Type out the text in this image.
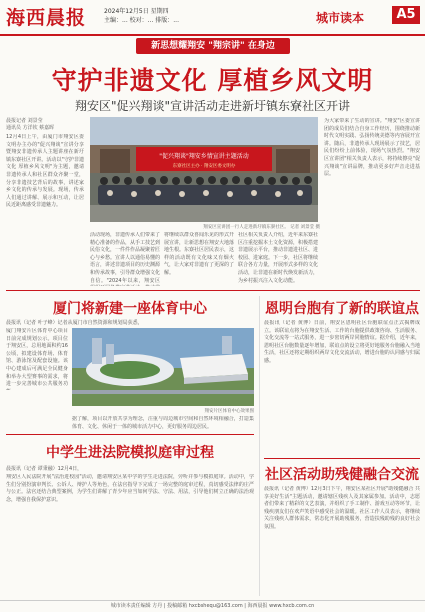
海西晨报	2024年12月5日 星期四
主编：... 校对：... 排版：...	城市读本	A5
新思想耀翔安 "翔宗讲" 在身边
守护非遗文化 厚植乡风文明
翔安区"促兴翔谈"宣讲活动走进新圩镇东寮社区开讲
晨报记者 刘景莹
通讯员 方洋钦 蔡嘉晖
12月4日上午，由厦门市翔安区委文明办主办的"促兴翔谈"宣讲分享暨翔安非遗传承人主题讲座在新圩镇东寮社区开讲。活动以"守护非遗文化 厚植乡风文明"为主题，邀请非遗传承人和社区群众齐聚一堂，分享非遗技艺背后的故事，讲述家乡文化的传承与发展。现场，传承人们通过讲解、展示和互动，让居民近距离感受非遗魅力。
"促兴翔谈"翔安乡情宣讲主题活动
东寮社区主办 · 翔安区委文明办
翔安区宣讲团一行人走进新圩镇东寮社区。 记者 刘景莹 摄
活动现场，非遗传承人们带来了精心准备的作品，从手工技艺到民俗文化，一件件作品凝聚着匠心与乡愁。宣讲人以通俗易懂的语言，讲述非遗项目的历史渊源和传承故事，引导群众增强文化自信。"2024年以来，翔安区
将继续以群众喜闻乐见的形式开展宣讲，让新思想在翔安大地落地生根。东寮社区居民表示，这样的活动既有文化味又有烟火气，让大家对非遗有了更深的了解。
社区相关负责人介绍，近年来东寮社区注重挖掘本土文化资源，积极搭建非遗展示平台，推动非遗进社区、进校园、进家庭。下一步，社区将继续联合各方力量，开展形式多样的文化活动，让非遗在新时代焕发新活力，为乡村振兴注入文化动能。
为大家带来了生动的宣讲。"翔安"区委宣讲团的成员们结合自身工作经历，围绕推动新时代文明实践、弘扬传统美德等内容展开宣讲。随后，非遗传承人现场展示了技艺，居民们纷纷上前体验，现场气氛热烈。"翔安区宣讲团"相关负责人表示，将持续擦亮"促兴翔谈"宣讲品牌，推动更多好声音走进基层。
厦门将新建一座体育中心
晨报讯（记者 叶子峰）记者从厦门市自然资源和规划局获悉，
厦门翔安片区体育中心项目日前完成规划公示。项目位于翔安区，总用地面积约16公顷，拟建设体育场、体育馆、游泳馆及配套设施。该中心建成后可满足全民健身和举办大型赛事的需求，将进一步完善城市公共服务功
翔安片区体育中心效果图
据了解，项目以开放共享为理念，注重与周边城市空间和自然环境相融合，打造集体育、文化、休闲于一体的城市活力中心，更好服务周边居民。
中学生进法院模拟庭审过程
晨报讯（记者 谭秉融）12月4日，
翔安区人民法院开展"法治进校园"活动，邀请翔安区某中学的学生走进法院，旁听并参与模拟庭审。活动中，学生们分别扮演审判长、公诉人、辩护人等角色，在法官指导下完成了一场完整的庭审过程，真切感受法律的庄严与公正。法官还结合典型案例，为学生们讲解了青少年应当如何学法、守法、用法，引导他们树立正确的法治观念，增强自我保护意识。
恩明台胞有了新的联谊点
晨报讯（记者 黄博）日前，翔安区恩明社区台胞联谊点正式揭牌成立。该联谊点将为在翔安生活、工作的台胞提供政策咨询、生活服务、文化交流等一站式服务，进一步密切两岸同胞情谊。据介绍，近年来，恩明社区台胞数量逐年增加，联谊点的设立将更好地服务台胞融入当地生活，社区还将定期组织两岸文化交流活动，增进台胞的认同感与归属感。
社区活动助残健融合交流
晨报讯（记者 黄博）12月3日下午，翔安区某社区开展"助残健融合 共享美好生活"主题活动，邀请辖区残疾人及其家属参加。活动中，志愿者们带来了精彩的文艺表演，并组织了手工制作、游戏互动等环节，让残疾朋友们在欢声笑语中感受社会的温暖。社区工作人员表示，将继续关注残疾人群体需求，常态化开展助残服务，营造扶残助残的良好社会氛围。
城市读本责任编辑 方丹 | 投稿邮箱 hxcbshequ@163.com | 海西晨报 www.hxcb.com.cn
